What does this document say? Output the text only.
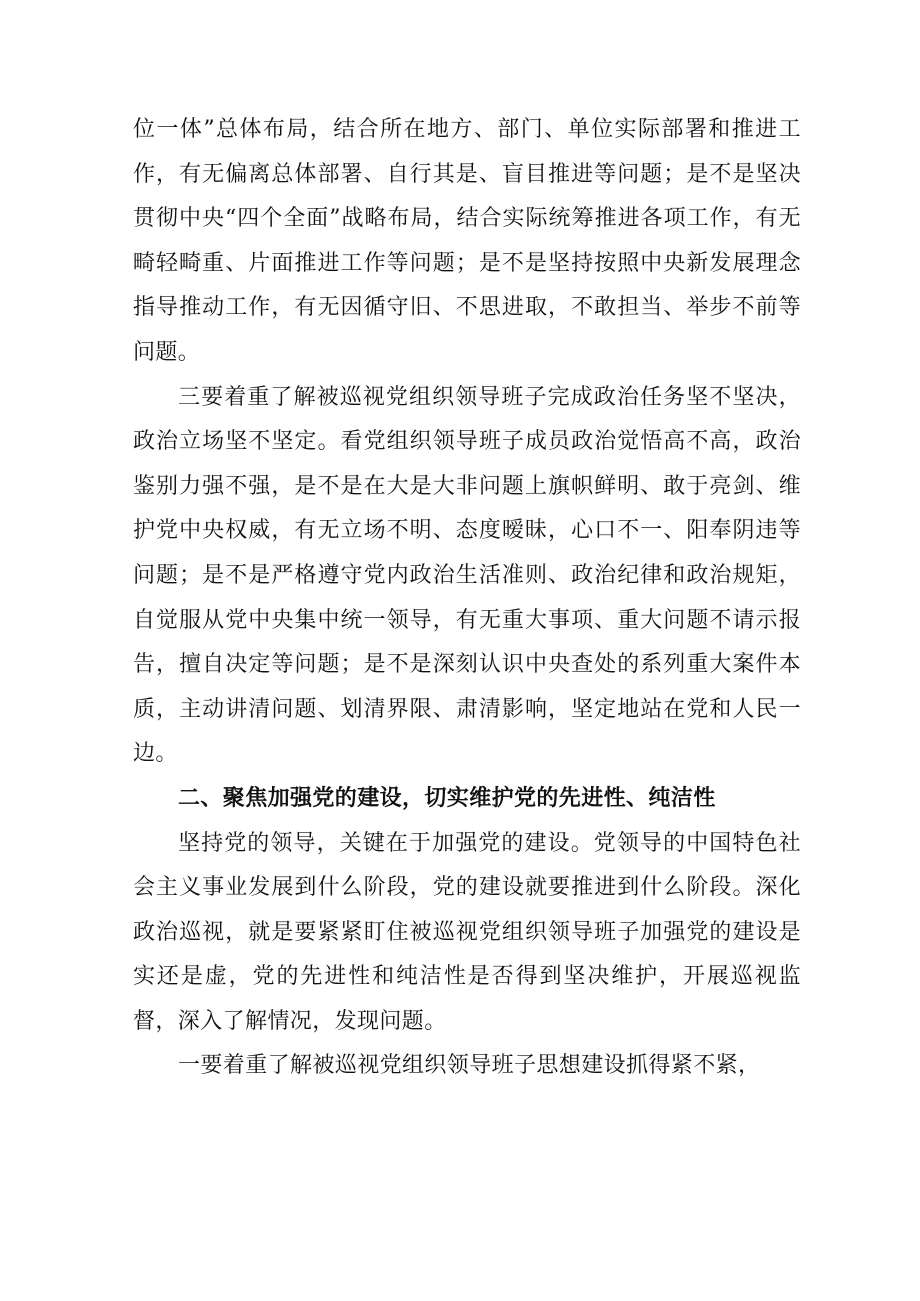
位一体”总体布局，结合所在地方、部门、单位实际部署和推进工作，有无偏离总体部署、自行其是、盲目推进等问题；是不是坚决贯彻中央“四个全面”战略布局，结合实际统筹推进各项工作，有无畸轻畸重、片面推进工作等问题；是不是坚持按照中央新发展理念指导推动工作，有无因循守旧、不思进取，不敢担当、举步不前等问题。

三要着重了解被巡视党组织领导班子完成政治任务坚不坚决，政治立场坚不坚定。看党组织领导班子成员政治觉悟高不高，政治鉴别力强不强，是不是在大是大非问题上旗帜鲜明、敢于亮剑、维护党中央权威，有无立场不明、态度暧昧，心口不一、阳奉阴违等问题；是不是严格遵守党内政治生活准则、政治纪律和政治规矩，自觉服从党中央集中统一领导，有无重大事项、重大问题不请示报告，擅自决定等问题；是不是深刻认识中央查处的系列重大案件本质，主动讲清问题、划清界限、肃清影响，坚定地站在党和人民一边。

二、聚焦加强党的建设，切实维护党的先进性、纯洁性

坚持党的领导，关键在于加强党的建设。党领导的中国特色社会主义事业发展到什么阶段，党的建设就要推进到什么阶段。深化政治巡视，就是要紧紧盯住被巡视党组织领导班子加强党的建设是实还是虚，党的先进性和纯洁性是否得到坚决维护，开展巡视监督，深入了解情况，发现问题。

一要着重了解被巡视党组织领导班子思想建设抓得紧不紧，
